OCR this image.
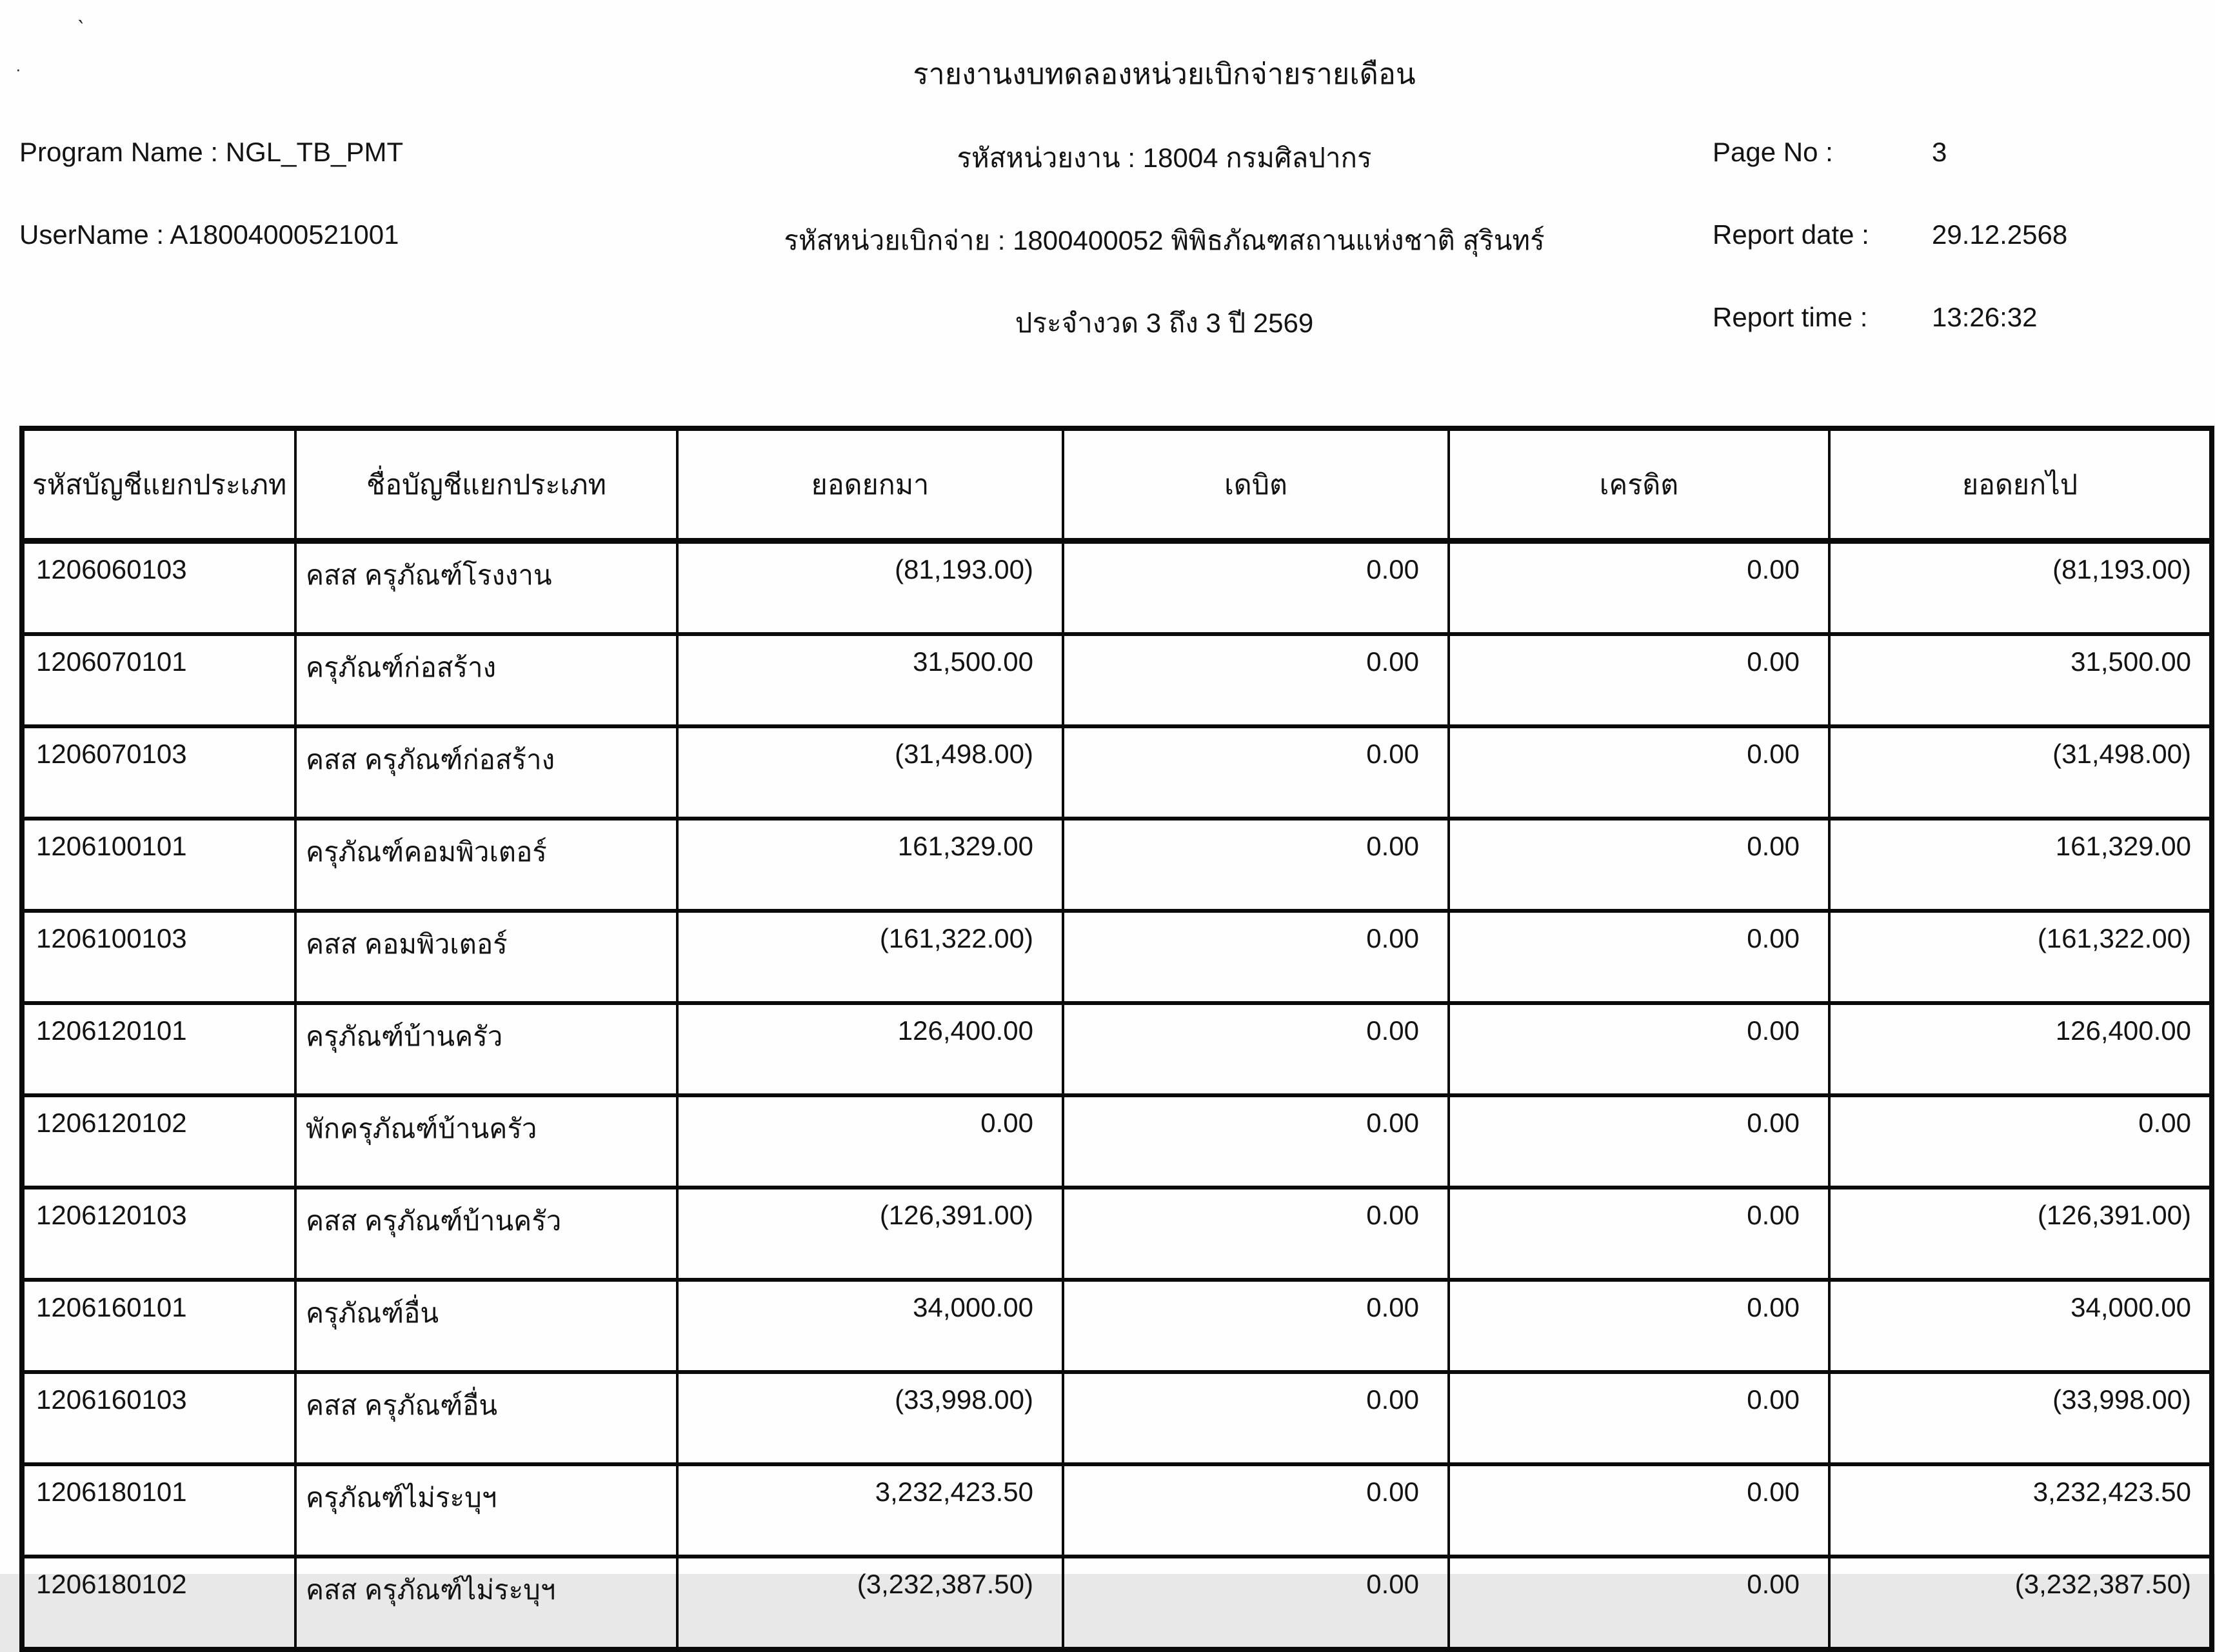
`
·	รายงานงบทดลองหน่วยเบิกจ่ายรายเดือน
Program Name : NGL_TB_PMT	รหัสหน่วยงาน : 18004 กรมศิลปากร	Page No :	3
UserName : A18004000521001	รหัสหน่วยเบิกจ่าย : 1800400052 พิพิธภัณฑสถานแห่งชาติ สุรินทร์	Report date : 29.12.2568
ประจำงวด 3 ถึง 3 ปี 2569	Report time : 13:26:32
รหัสบัญชีแยกประเภท	ชื่อบัญชีแยกประเภท	ยอดยกมา	เดบิต	เครดิต	ยอดยกไป
1206060103	คสส ครุภัณฑ์โรงงาน	(81,193.00)	0.00	0.00	(81,193.00)
1206070101	ครุภัณฑ์ก่อสร้าง	31,500.00	0.00	0.00	31,500.00
1206070103	คสส ครุภัณฑ์ก่อสร้าง	(31,498.00)	0.00	0.00	(31,498.00)
1206100101	ครุภัณฑ์คอมพิวเตอร์	161,329.00	0.00	0.00	161,329.00
1206100103	คสส คอมพิวเตอร์	(161,322.00)	0.00	0.00	(161,322.00)
1206120101	ครุภัณฑ์บ้านครัว	126,400.00	0.00	0.00	126,400.00
1206120102	พักครุภัณฑ์บ้านครัว	0.00	0.00	0.00	0.00
1206120103	คสส ครุภัณฑ์บ้านครัว	(126,391.00)	0.00	0.00	(126,391.00)
1206160101	ครุภัณฑ์อื่น	34,000.00	0.00	0.00	34,000.00
1206160103	คสส ครุภัณฑ์อื่น	(33,998.00)	0.00	0.00	(33,998.00)
1206180101	ครุภัณฑ์ไม่ระบุฯ	3,232,423.50	0.00	0.00	3,232,423.50
1206180102	คสส ครุภัณฑ์ไม่ระบุฯ	(3,232,387.50)	0.00	0.00	(3,232,387.50)
